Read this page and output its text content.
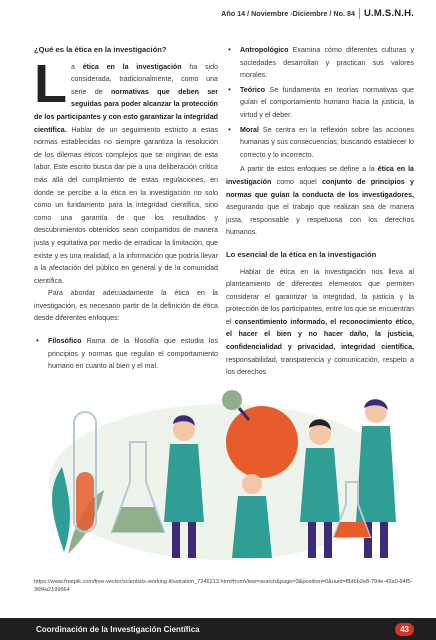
Año 14 / Noviembre -Diciembre / No. 84 U.M.S.N.H.
¿Qué es la ética en la investigación?
L a ética en la investigación ha sido considerada, tradicionalmente, como una serie de normativas que deben ser seguidas para poder alcanzar la protección de los participantes y con esto garantizar la integridad científica. Hablar de un seguimiento estricto a estas normas establecidas no siempre garantiza la resolución de los dilemas éticos complejos que se originan de esta labor. Este escrito busca dar pie a una deliberación crítica más allá del cumplimiento de estas regulaciones, en donde se percibe a la ética en la investigación no solo como un fundamento para la integridad científica, sino como una garantía de que los resultados y descubrimientos obtenidos sean compartidos de manera justa y equitativa por medio de erradicar la limitación, que existe y es una realidad, a la información que podría llevar a la afectación del público en general y de la comunidad científica.

Para abordar adecuadamente la ética en la investigación, es necesario partir de la definición de ética desde diferentes enfoques:

• Filosófico Rama de la filosofía que estudia los principios y normas que regulan el comportamiento humano en cuanto al bien y el mal.
• Antropológico Examina cómo diferentes culturas y sociedades desarrollan y practican sus valores morales.
• Teórico Se fundamenta en teorías normativas que guían el comportamiento humano hacia la justicia, la virtud y el deber.
• Moral Se centra en la reflexión sobre las acciones humanas y sus consecuencias, buscando establecer lo correcto y lo incorrecto.

A partir de estos enfoques se define a la ética en la investigación como aquel conjunto de principios y normas que guían la conducta de los investigadores, asegurando que el trabajo que realizan sea de manera justa, responsable y respetuosa con los derechos humanos.

Lo esencial de la ética en la investigación

Hablar de ética en la investigación nos lleva al planteamiento de diferentes elementos que permiten considerar el garantizar la integridad, la justicia y la protección de los participantes, entre los que se encuentran el consentimiento informado, el reconocimiento ético, el hacer el bien y no hacer daño, la justicia, confidencialidad y privacidad, integridad científica, responsabilidad, transparencia y comunicación, respeto a los derechos

https://www.freepik.com/free-vector/scientists-working-illustration_7246213.htm#fromView=search&page=3&position=0&uuid=f8d6b2e8-794e-43a0-94f5-36f4a2199564
Coordinación de la Investigación Científica	43
